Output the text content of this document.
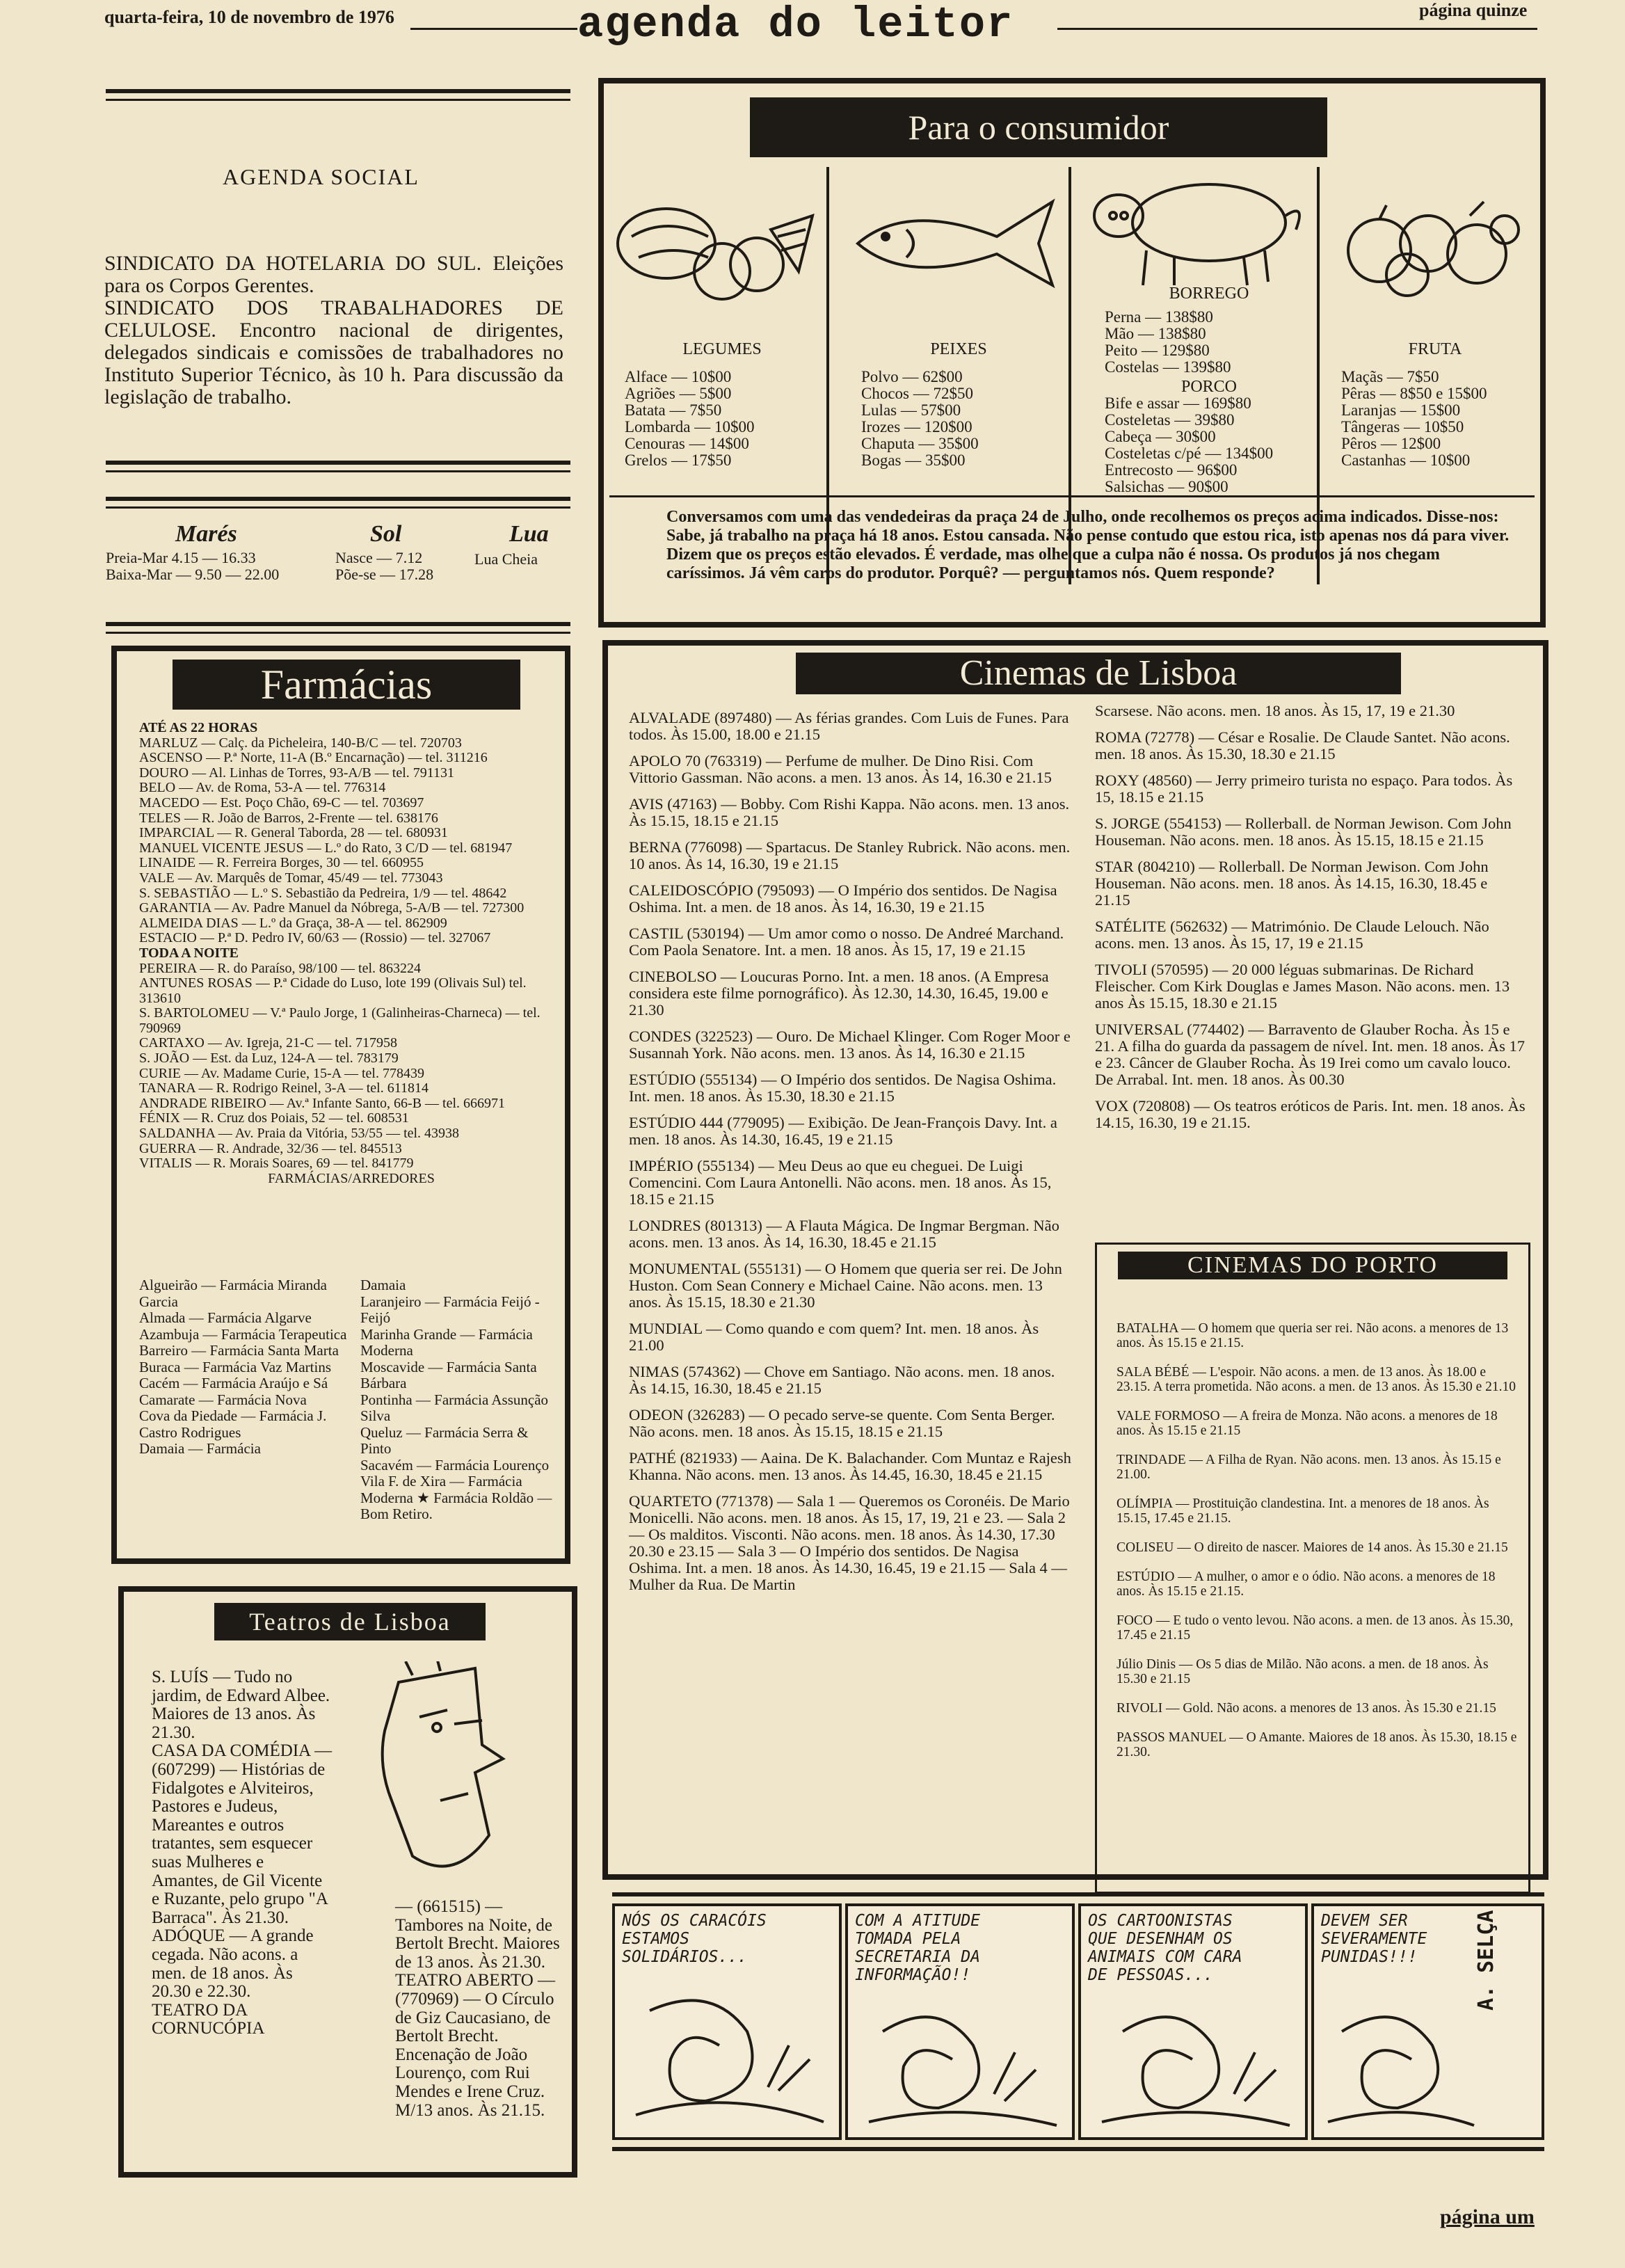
quarta-feira, 10 de novembro de 1976	agenda do leitor	página quinze
AGENDA SOCIAL

SINDICATO DA HOTELARIA DO SUL. Eleições para os Corpos Gerentes.

SINDICATO DOS TRABALHADORES DE CELULOSE. Encontro nacional de dirigentes, delegados sindicais e comissões de trabalhadores no Instituto Superior Técnico, às 10 h. Para discussão da legislação de trabalho.

Marés
Preia-Mar 4.15 — 16.33
Baixa-Mar — 9.50 — 22.00
Sol
Nasce — 7.12
Põe-se — 17.28
Lua
Lua Cheia
Para o consumidor
LEGUMES
Alface — 10$00
Agriões — 5$00
Batata — 7$50
Lombarda — 10$00
Cenouras — 14$00
Grelos — 17$50
PEIXES
Polvo — 62$00
Chocos — 72$50
Lulas — 57$00
Irozes — 120$00
Chaputa — 35$00
Bogas — 35$00
BORREGO
Perna — 138$80
Mão — 138$80
Peito — 129$80
Costelas — 139$80
PORCO
Bife e assar — 169$80
Costeletas — 39$80
Cabeça — 30$00
Costeletas c/pé — 134$00
Entrecosto — 96$00
Salsichas — 90$00
FRUTA
Maçãs — 7$50
Pêras — 8$50 e 15$00
Laranjas — 15$00
Tângeras — 10$50
Pêros — 12$00
Castanhas — 10$00
Conversamos com uma das vendedeiras da praça 24 de Julho, onde recolhemos os preços acima indicados. Disse-nos: Sabe, já trabalho na praça há 18 anos. Estou cansada. Não pense contudo que estou rica, isto apenas nos dá para viver. Dizem que os preços estão elevados. É verdade, mas olhe que a culpa não é nossa. Os produtos já nos chegam caríssimos. Já vêm caros do produtor. Porquê? — perguntamos nós. Quem responde?
Farmácias
ATÉ AS 22 HORAS
MARLUZ — Calç. da Picheleira, 140-B/C — tel. 720703
ASCENSO — P.ª Norte, 11-A (B.º Encarnação) — tel. 311216
DOURO — Al. Linhas de Torres, 93-A/B — tel. 791131
BELO — Av. de Roma, 53-A — tel. 776314
MACEDO — Est. Poço Chão, 69-C — tel. 703697
TELES — R. João de Barros, 2-Frente — tel. 638176
IMPARCIAL — R. General Taborda, 28 — tel. 680931
MANUEL VICENTE JESUS — L.º do Rato, 3 C/D — tel. 681947
LINAIDE — R. Ferreira Borges, 30 — tel. 660955
VALE — Av. Marquês de Tomar, 45/49 — tel. 773043
S. SEBASTIÃO — L.º S. Sebastião da Pedreira, 1/9 — tel. 48642
GARANTIA — Av. Padre Manuel da Nóbrega, 5-A/B — tel. 727300
ALMEIDA DIAS — L.º da Graça, 38-A — tel. 862909
ESTACIO — P.ª D. Pedro IV, 60/63 — (Rossio) — tel. 327067
TODA A NOITE
PEREIRA — R. do Paraíso, 98/100 — tel. 863224
ANTUNES ROSAS — P.ª Cidade do Luso, lote 199 (Olivais Sul) tel. 313610
S. BARTOLOMEU — V.ª Paulo Jorge, 1 (Galinheiras-Charneca) — tel. 790969
CARTAXO — Av. Igreja, 21-C — tel. 717958
S. JOÃO — Est. da Luz, 124-A — tel. 783179
CURIE — Av. Madame Curie, 15-A — tel. 778439
TANARA — R. Rodrigo Reinel, 3-A — tel. 611814
ANDRADE RIBEIRO — Av.ª Infante Santo, 66-B — tel. 666971
FÉNIX — R. Cruz dos Poiais, 52 — tel. 608531
SALDANHA — Av. Praia da Vitória, 53/55 — tel. 43938
GUERRA — R. Andrade, 32/36 — tel. 845513
VITALIS — R. Morais Soares, 69 — tel. 841779
FARMÁCIAS/ARREDORES
Algueirão — Farmácia Miranda Garcia
Almada — Farmácia Algarve
Azambuja — Farmácia Terapeutica
Barreiro — Farmácia Santa Marta
Buraca — Farmácia Vaz Martins
Cacém — Farmácia Araújo e Sá
Camarate — Farmácia Nova
Cova da Piedade — Farmácia J. Castro Rodrigues
Damaia — Farmácia
Damaia
Laranjeiro — Farmácia Feijó - Feijó
Marinha Grande — Farmácia Moderna
Moscavide — Farmácia Santa Bárbara
Pontinha — Farmácia Assunção Silva
Queluz — Farmácia Serra & Pinto
Sacavém — Farmácia Lourenço
Vila F. de Xira — Farmácia Moderna ★ Farmácia Roldão — Bom Retiro.
Cinemas de Lisboa

ALVALADE (897480) — As férias grandes. Com Luis de Funes. Para todos. Às 15.00, 18.00 e 21.15

APOLO 70 (763319) — Perfume de mulher. De Dino Risi. Com Vittorio Gassman. Não acons. a men. 13 anos. Às 14, 16.30 e 21.15

AVIS (47163) — Bobby. Com Rishi Kappa. Não acons. men. 13 anos. Às 15.15, 18.15 e 21.15

BERNA (776098) — Spartacus. De Stanley Rubrick. Não acons. men. 10 anos. Às 14, 16.30, 19 e 21.15

CALEIDOSCÓPIO (795093) — O Império dos sentidos. De Nagisa Oshima. Int. a men. de 18 anos. Às 14, 16.30, 19 e 21.15

CASTIL (530194) — Um amor como o nosso. De Andreé Marchand. Com Paola Senatore. Int. a men. 18 anos. Às 15, 17, 19 e 21.15

CINEBOLSO — Loucuras Porno. Int. a men. 18 anos. (A Empresa considera este filme pornográfico). Às 12.30, 14.30, 16.45, 19.00 e 21.30

CONDES (322523) — Ouro. De Michael Klinger. Com Roger Moor e Susannah York. Não acons. men. 13 anos. Às 14, 16.30 e 21.15

ESTÚDIO (555134) — O Império dos sentidos. De Nagisa Oshima. Int. men. 18 anos. Às 15.30, 18.30 e 21.15

ESTÚDIO 444 (779095) — Exibição. De Jean-François Davy. Int. a men. 18 anos. Às 14.30, 16.45, 19 e 21.15

IMPÉRIO (555134) — Meu Deus ao que eu cheguei. De Luigi Comencini. Com Laura Antonelli. Não acons. men. 18 anos. Às 15, 18.15 e 21.15

LONDRES (801313) — A Flauta Mágica. De Ingmar Bergman. Não acons. men. 13 anos. Às 14, 16.30, 18.45 e 21.15

MONUMENTAL (555131) — O Homem que queria ser rei. De John Huston. Com Sean Connery e Michael Caine. Não acons. men. 13 anos. Às 15.15, 18.30 e 21.30

MUNDIAL — Como quando e com quem? Int. men. 18 anos. Às 21.00

NIMAS (574362) — Chove em Santiago. Não acons. men. 18 anos. Às 14.15, 16.30, 18.45 e 21.15

ODEON (326283) — O pecado serve-se quente. Com Senta Berger. Não acons. men. 18 anos. Às 15.15, 18.15 e 21.15

PATHÉ (821933) — Aaina. De K. Balachander. Com Muntaz e Rajesh Khanna. Não acons. men. 13 anos. Às 14.45, 16.30, 18.45 e 21.15

QUARTETO (771378) — Sala 1 — Queremos os Coronéis. De Mario Monicelli. Não acons. men. 18 anos. Às 15, 17, 19, 21 e 23. — Sala 2 — Os malditos. Visconti. Não acons. men. 18 anos. Às 14.30, 17.30 20.30 e 23.15 — Sala 3 — O Império dos sentidos. De Nagisa Oshima. Int. a men. 18 anos. Às 14.30, 16.45, 19 e 21.15 — Sala 4 — Mulher da Rua. De Martin

Scarsese. Não acons. men. 18 anos. Às 15, 17, 19 e 21.30

ROMA (72778) — César e Rosalie. De Claude Santet. Não acons. men. 18 anos. Às 15.30, 18.30 e 21.15

ROXY (48560) — Jerry primeiro turista no espaço. Para todos. Às 15, 18.15 e 21.15

S. JORGE (554153) — Rollerball. de Norman Jewison. Com John Houseman. Não acons. men. 18 anos. Às 15.15, 18.15 e 21.15

STAR (804210) — Rollerball. De Norman Jewison. Com John Houseman. Não acons. men. 18 anos. Às 14.15, 16.30, 18.45 e 21.15

SATÉLITE (562632) — Matrimónio. De Claude Lelouch. Não acons. men. 13 anos. Às 15, 17, 19 e 21.15

TIVOLI (570595) — 20 000 léguas submarinas. De Richard Fleischer. Com Kirk Douglas e James Mason. Não acons. men. 13 anos Às 15.15, 18.30 e 21.15

UNIVERSAL (774402) — Barravento de Glauber Rocha. Às 15 e 21. A filha do guarda da passagem de nível. Int. men. 18 anos. Às 17 e 23. Câncer de Glauber Rocha. Às 19 Irei como um cavalo louco. De Arrabal. Int. men. 18 anos. Às 00.30

VOX (720808) — Os teatros eróticos de Paris. Int. men. 18 anos. Às 14.15, 16.30, 19 e 21.15.

CINEMAS DO PORTO

BATALHA — O homem que queria ser rei. Não acons. a menores de 13 anos. Às 15.15 e 21.15.

SALA BÉBÉ — L'espoir. Não acons. a men. de 13 anos. Às 18.00 e 23.15. A terra prometida. Não acons. a men. de 13 anos. Às 15.30 e 21.10

VALE FORMOSO — A freira de Monza. Não acons. a menores de 18 anos. Às 15.15 e 21.15

TRINDADE — A Filha de Ryan. Não acons. men. 13 anos. Às 15.15 e 21.00.

OLÍMPIA — Prostituição clandestina. Int. a menores de 18 anos. Às 15.15, 17.45 e 21.15.

COLISEU — O direito de nascer. Maiores de 14 anos. Às 15.30 e 21.15

ESTÚDIO — A mulher, o amor e o ódio. Não acons. a menores de 18 anos. Às 15.15 e 21.15.

FOCO — E tudo o vento levou. Não acons. a men. de 13 anos. Às 15.30, 17.45 e 21.15

Júlio Dinis — Os 5 dias de Milão. Não acons. a men. de 18 anos. Às 15.30 e 21.15

RIVOLI — Gold. Não acons. a menores de 13 anos. Às 15.30 e 21.15

PASSOS MANUEL — O Amante. Maiores de 18 anos. Às 15.30, 18.15 e 21.30.

Teatros de Lisboa

S. LUÍS — Tudo no jardim, de Edward Albee. Maiores de 13 anos. Às 21.30.

CASA DA COMÉDIA — (607299) — Histórias de Fidalgotes e Alviteiros, Pastores e Judeus, Mareantes e outros tratantes, sem esquecer suas Mulheres e Amantes, de Gil Vicente e Ruzante, pelo grupo "A Barraca". Às 21.30.

ADÓQUE — A grande cegada. Não acons. a men. de 18 anos. Às 20.30 e 22.30.

TEATRO DA CORNUCÓPIA

— (661515) — Tambores na Noite, de Bertolt Brecht. Maiores de 13 anos. Às 21.30.

TEATRO ABERTO — (770969) — O Círculo de Giz Caucasiano, de Bertolt Brecht. Encenação de João Lourenço, com Rui Mendes e Irene Cruz. M/13 anos. Às 21.15.

NÓS OS CARACÓIS ESTAMOS SOLIDÁRIOS...
COM A ATITUDE TOMADA PELA SECRETARIA DA INFORMAÇÃO!!
OS CARTOONISTAS QUE DESENHAM OS ANIMAIS COM CARA DE PESSOAS...
DEVEM SER SEVERAMENTE PUNIDAS!!!	A. SELÇA
página um
